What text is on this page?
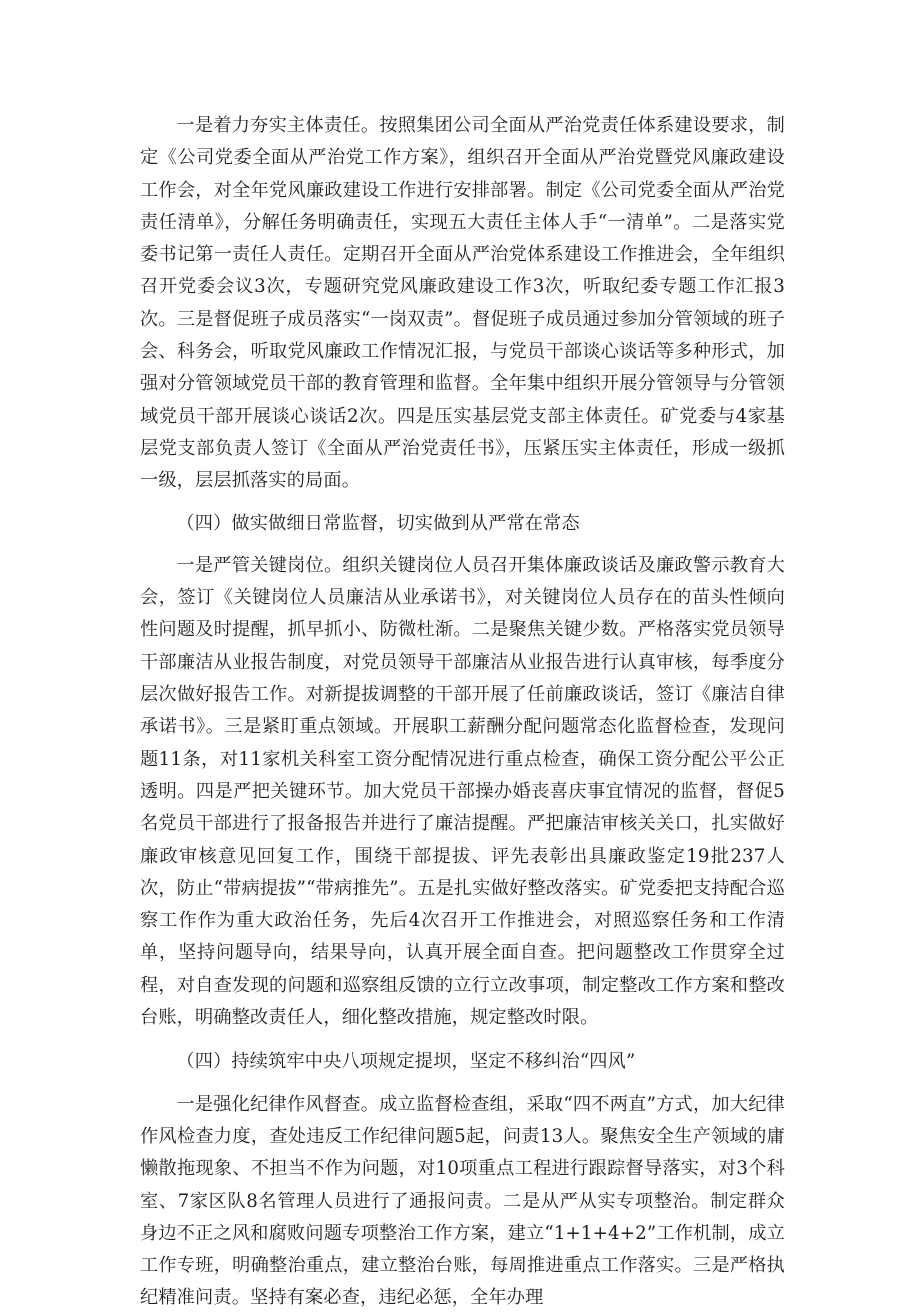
一是着力夯实主体责任。按照集团公司全面从严治党责任体系建设要求，制定《公司党委全面从严治党工作方案》，组织召开全面从严治党暨党风廉政建设工作会，对全年党风廉政建设工作进行安排部署。制定《公司党委全面从严治党责任清单》，分解任务明确责任，实现五大责任主体人手“一清单”。二是落实党委书记第一责任人责任。定期召开全面从严治党体系建设工作推进会，全年组织召开党委会议3次，专题研究党风廉政建设工作3次，听取纪委专题工作汇报3次。三是督促班子成员落实“一岗双责”。督促班子成员通过参加分管领域的班子会、科务会，听取党风廉政工作情况汇报，与党员干部谈心谈话等多种形式，加强对分管领域党员干部的教育管理和监督。全年集中组织开展分管领导与分管领域党员干部开展谈心谈话2次。四是压实基层党支部主体责任。矿党委与4家基层党支部负责人签订《全面从严治党责任书》，压紧压实主体责任，形成一级抓一级，层层抓落实的局面。

（四）做实做细日常监督，切实做到从严常在常态

一是严管关键岗位。组织关键岗位人员召开集体廉政谈话及廉政警示教育大会，签订《关键岗位人员廉洁从业承诺书》，对关键岗位人员存在的苗头性倾向性问题及时提醒，抓早抓小、防微杜渐。二是聚焦关键少数。严格落实党员领导干部廉洁从业报告制度，对党员领导干部廉洁从业报告进行认真审核，每季度分层次做好报告工作。对新提拔调整的干部开展了任前廉政谈话，签订《廉洁自律承诺书》。三是紧盯重点领域。开展职工薪酬分配问题常态化监督检查，发现问题11条，对11家机关科室工资分配情况进行重点检查，确保工资分配公平公正透明。四是严把关键环节。加大党员干部操办婚丧喜庆事宜情况的监督，督促5名党员干部进行了报备报告并进行了廉洁提醒。严把廉洁审核关关口，扎实做好廉政审核意见回复工作，围绕干部提拔、评先表彰出具廉政鉴定19批237人次，防止“带病提拔”“带病推先”。五是扎实做好整改落实。矿党委把支持配合巡察工作作为重大政治任务，先后4次召开工作推进会，对照巡察任务和工作清单，坚持问题导向，结果导向，认真开展全面自查。把问题整改工作贯穿全过程，对自查发现的问题和巡察组反馈的立行立改事项，制定整改工作方案和整改台账，明确整改责任人，细化整改措施，规定整改时限。

（四）持续筑牢中央八项规定提坝，坚定不移纠治“四风”

一是强化纪律作风督查。成立监督检查组，采取“四不两直”方式，加大纪律作风检查力度，查处违反工作纪律问题5起，问责13人。聚焦安全生产领域的庸懒散拖现象、不担当不作为问题，对10项重点工程进行跟踪督导落实，对3个科室、7家区队8名管理人员进行了通报问责。二是从严从实专项整治。制定群众身边不正之风和腐败问题专项整治工作方案，建立“1+1+4+2”工作机制，成立工作专班，明确整治重点，建立整治台账，每周推进重点工作落实。三是严格执纪精准问责。坚持有案必查，违纪必惩，全年办理
